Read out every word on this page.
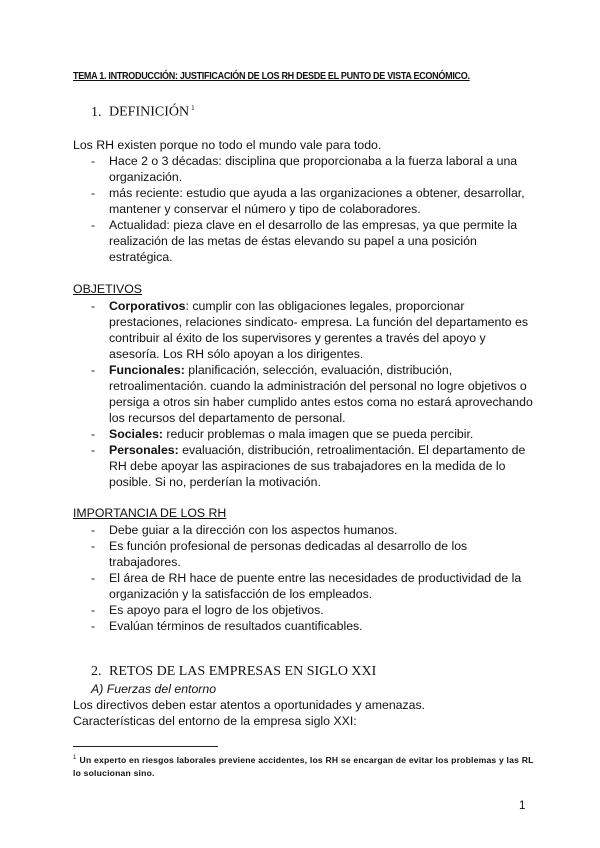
TEMA 1. INTRODUCCIÓN: JUSTIFICACIÓN DE LOS RH DESDE EL PUNTO DE VISTA ECONÓMICO.
1. DEFINICIÓN $^1$
Los RH existen porque no todo el mundo vale para todo.
- Hace 2 o 3 décadas: disciplina que proporcionaba a la fuerza laboral a una organización.
- más reciente: estudio que ayuda a las organizaciones a obtener, desarrollar, mantener y conservar el número y tipo de colaboradores.
- Actualidad: pieza clave en el desarrollo de las empresas, ya que permite la realización de las metas de éstas elevando su papel a una posición estratégica.
OBJETIVOS
- Corporativos: cumplir con las obligaciones legales, proporcionar prestaciones, relaciones sindicato- empresa. La función del departamento es contribuir al éxito de los supervisores y gerentes a través del apoyo y asesoría. Los RH sólo apoyan a los dirigentes.
- Funcionales: planificación, selección, evaluación, distribución, retroalimentación. cuando la administración del personal no logre objetivos o persiga a otros sin haber cumplido antes estos coma no estará aprovechando los recursos del departamento de personal.
- Sociales: reducir problemas o mala imagen que se pueda percibir.
- Personales: evaluación, distribución, retroalimentación. El departamento de RH debe apoyar las aspiraciones de sus trabajadores en la medida de lo posible. Si no, perderían la motivación.
IMPORTANCIA DE LOS RH
- Debe guiar a la dirección con los aspectos humanos.
- Es función profesional de personas dedicadas al desarrollo de los trabajadores.
- El área de RH hace de puente entre las necesidades de productividad de la organización y la satisfacción de los empleados.
- Es apoyo para el logro de los objetivos.
- Evalúan términos de resultados cuantificables.
2. RETOS DE LAS EMPRESAS EN SIGLO XXI
A) Fuerzas del entorno
Los directivos deben estar atentos a oportunidades y amenazas.
Características del entorno de la empresa siglo XXI:
$^1$ Un experto en riesgos laborales previene accidentes, los RH se encargan de evitar los problemas y las RL lo solucionan sino.
1
